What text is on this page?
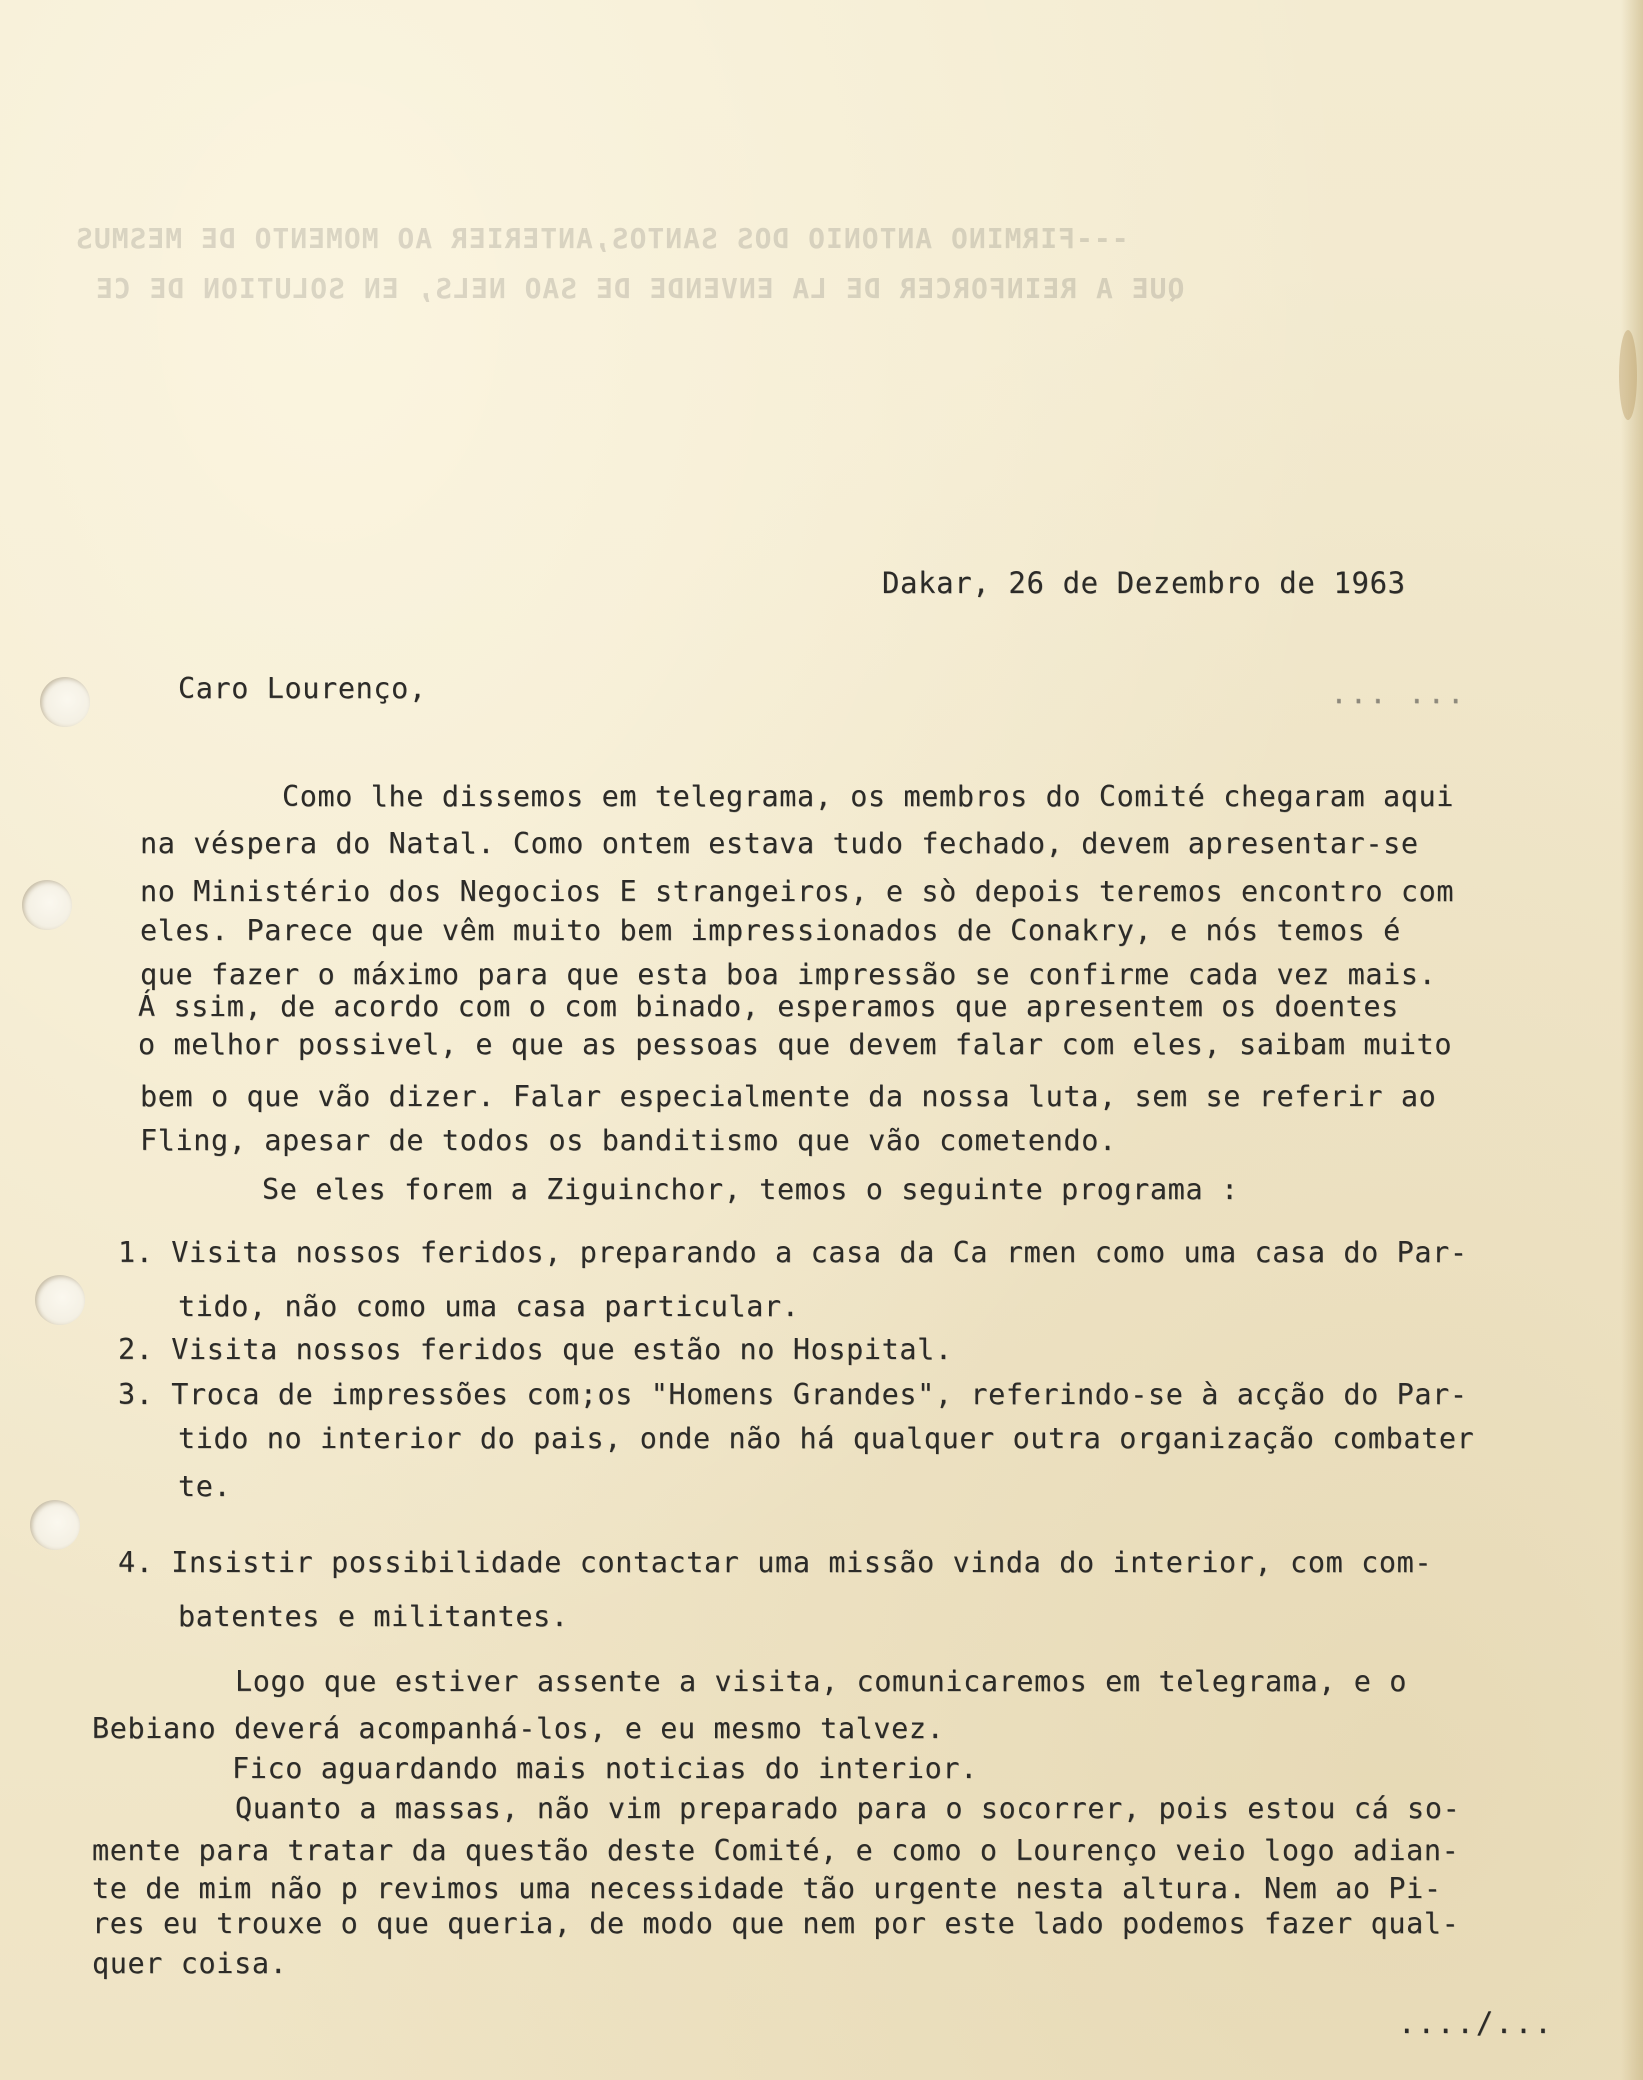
---FIRMINO ANTONIO DOS SANTOS,ANTERIER AO MOMENTO DE MESMUS
QUE A REINFORCER DE LA ENVENDE DE SAO NELS, EN SOLUTION DE CE
Dakar, 26 de Dezembro de 1963
Caro Lourenço,	... ...
Como lhe dissemos em telegrama, os membros do Comité chegaram aqui
na véspera do Natal. Como ontem estava tudo fechado, devem apresentar-se
no Ministério dos Negocios E strangeiros, e sò depois teremos encontro com
eles. Parece que vêm muito bem impressionados de Conakry, e nós temos é
que fazer o máximo para que esta boa impressão se confirme cada vez mais.
Á ssim, de acordo com o com binado, esperamos que apresentem os doentes
o melhor possivel, e que as pessoas que devem falar com eles, saibam muito
bem o que vão dizer. Falar especialmente da nossa luta, sem se referir ao
Fling, apesar de todos os banditismo que vão cometendo.
Se eles forem a Ziguinchor, temos o seguinte programa :
1. Visita nossos feridos, preparando a casa da Ca rmen como uma casa do Par-
tido, não como uma casa particular.
2. Visita nossos feridos que estão no Hospital.
3. Troca de impressões com;os "Homens Grandes", referindo-se à acção do Par-
tido no interior do pais, onde não há qualquer outra organização combater
te.
4. Insistir possibilidade contactar uma missão vinda do interior, com com-
batentes e militantes.
Logo que estiver assente a visita, comunicaremos em telegrama, e o
Bebiano deverá acompanhá-los, e eu mesmo talvez.
Fico aguardando mais noticias do interior.
Quanto a massas, não vim preparado para o socorrer, pois estou cá so-
mente para tratar da questão deste Comité, e como o Lourenço veio logo adian-
te de mim não p revimos uma necessidade tão urgente nesta altura. Nem ao Pi-
res eu trouxe o que queria, de modo que nem por este lado podemos fazer qual-
quer coisa.
..../...
